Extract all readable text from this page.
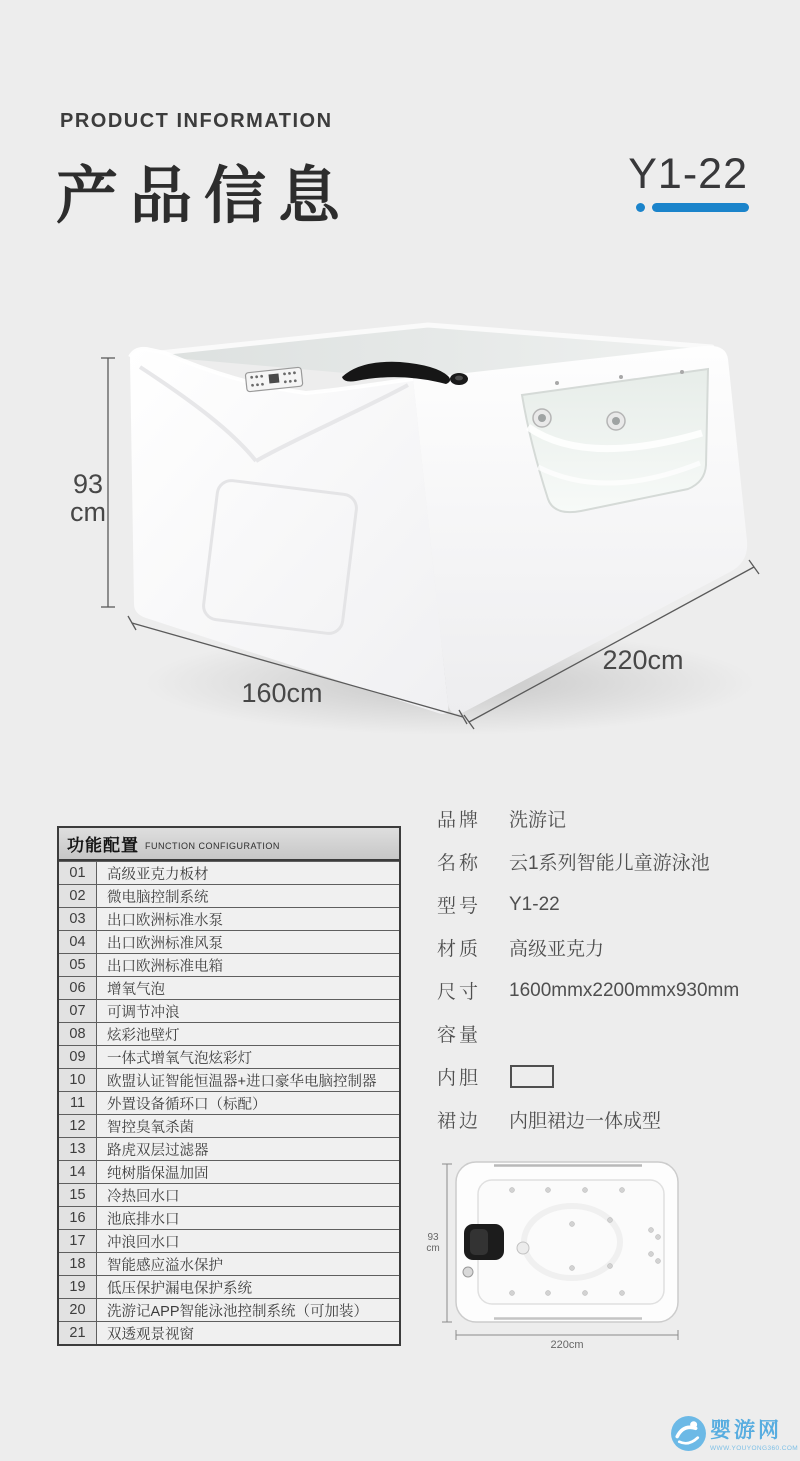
PRODUCT INFORMATION
产品信息	Y1-22
93
cm
160cm
220cm
功能配置 FUNCTION CONFIGURATION
01	高级亚克力板材
02	微电脑控制系统
03	出口欧洲标准水泵
04	出口欧洲标准风泵
05	出口欧洲标准电箱
06	增氧气泡
07	可调节冲浪
08	炫彩池壁灯
09	一体式增氧气泡炫彩灯
10	欧盟认证智能恒温器+进口豪华电脑控制器
11	外置设备循环口（标配）
12	智控臭氧杀菌
13	路虎双层过滤器
14	纯树脂保温加固
15	冷热回水口
16	池底排水口
17	冲浪回水口
18	智能感应溢水保护
19	低压保护漏电保护系统
20	洗游记APP智能泳池控制系统（可加装）
21	双透观景视窗
品牌	洗游记
名称	云1系列智能儿童游泳池
型号	Y1-22
材质	高级亚克力
尺寸	1600mmx2200mmx930mm
容量
内胆
裙边	内胆裙边一体成型
93
cm
220cm
婴游网
WWW.YOUYONG360.COM
